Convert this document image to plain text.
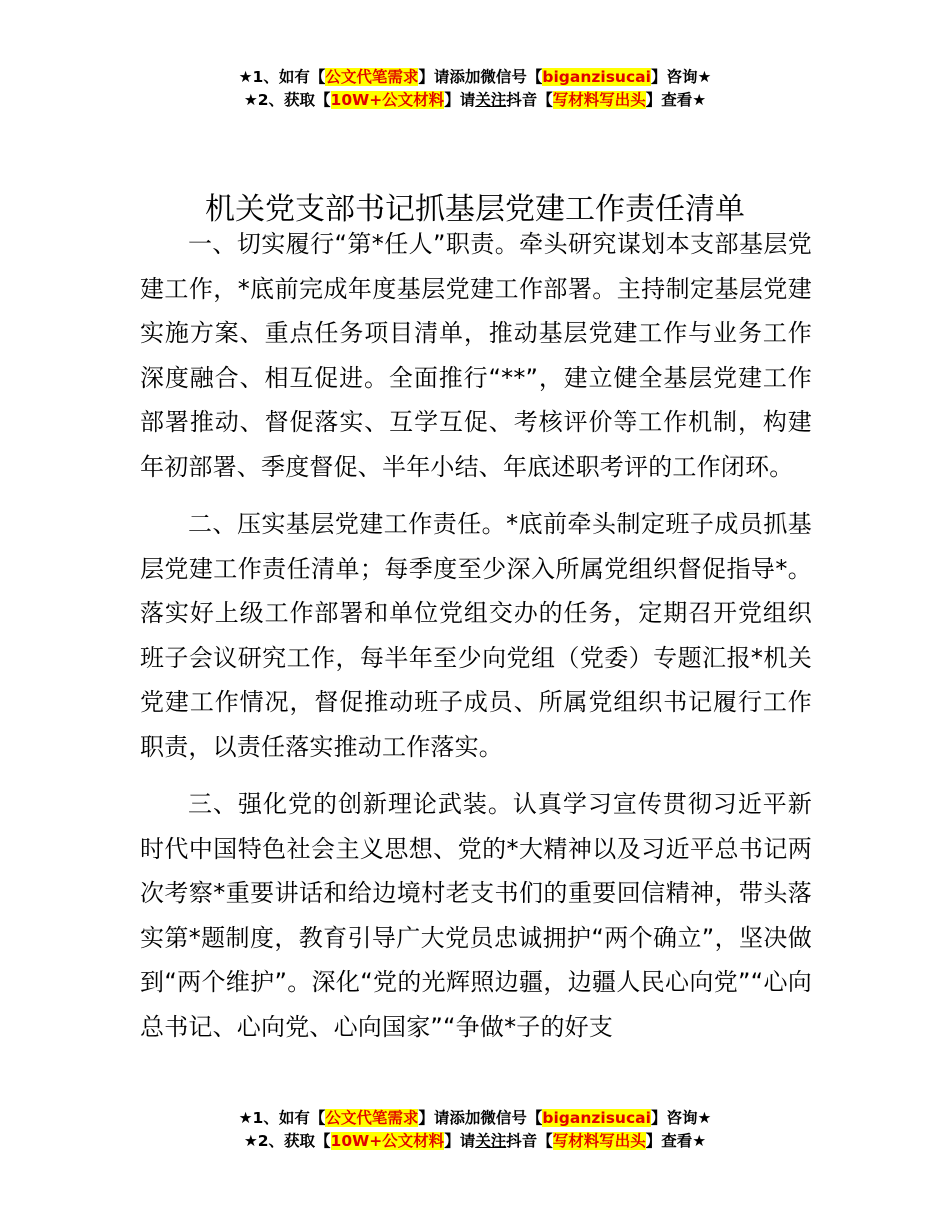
★1、如有【公文代笔需求】请添加微信号【biganzisucai】咨询★
★2、获取【10W+公文材料】请关注抖音【写材料写出头】查看★
机关党支部书记抓基层党建工作责任清单

一、切实履行“第*任人”职责。牵头研究谋划本支部基层党建工作，*底前完成年度基层党建工作部署。主持制定基层党建实施方案、重点任务项目清单，推动基层党建工作与业务工作深度融合、相互促进。全面推行“**”，建立健全基层党建工作部署推动、督促落实、互学互促、考核评价等工作机制，构建年初部署、季度督促、半年小结、年底述职考评的工作闭环。

二、压实基层党建工作责任。*底前牵头制定班子成员抓基层党建工作责任清单；每季度至少深入所属党组织督促指导*。落实好上级工作部署和单位党组交办的任务，定期召开党组织班子会议研究工作，每半年至少向党组（党委）专题汇报*机关党建工作情况，督促推动班子成员、所属党组织书记履行工作职责，以责任落实推动工作落实。

三、强化党的创新理论武装。认真学习宣传贯彻习近平新时代中国特色社会主义思想、党的*大精神以及习近平总书记两次考察*重要讲话和给边境村老支书们的重要回信精神，带头落实第*题制度，教育引导广大党员忠诚拥护“两个确立”，坚决做到“两个维护”。深化“党的光辉照边疆，边疆人民心向党”“心向总书记、心向党、心向国家”“争做*子的好支

★1、如有【公文代笔需求】请添加微信号【biganzisucai】咨询★
★2、获取【10W+公文材料】请关注抖音【写材料写出头】查看★
